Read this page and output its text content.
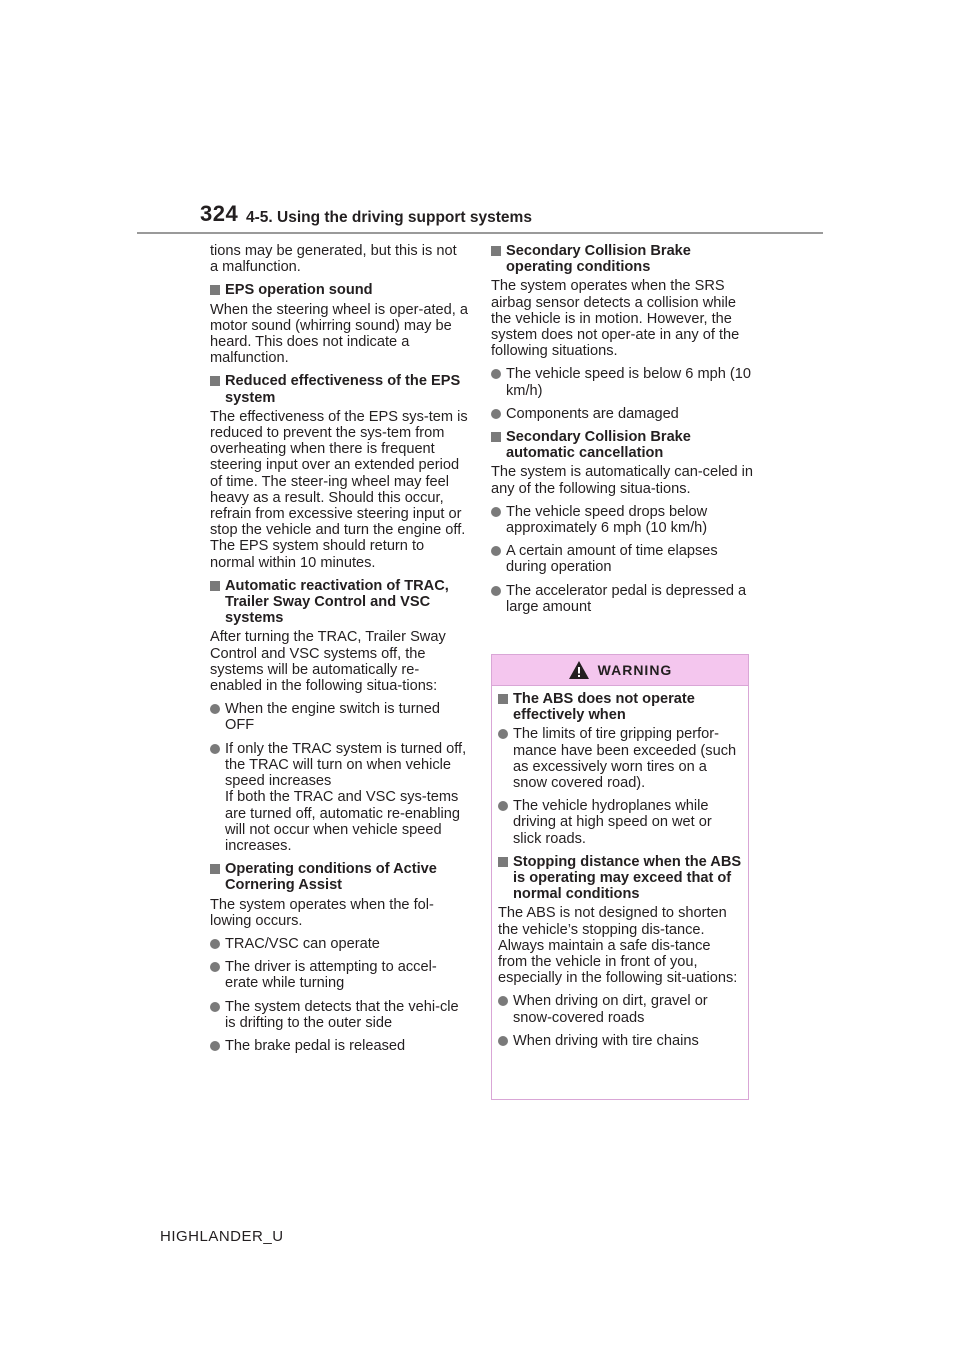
324 4-5. Using the driving support systems

tions may be generated, but this is not a malfunction.

EPS operation sound

When the steering wheel is oper-ated, a motor sound (whirring sound) may be heard. This does not indicate a malfunction.

Reduced effectiveness of the EPS system

The effectiveness of the EPS sys-tem is reduced to prevent the sys-tem from overheating when there is frequent steering input over an extended period of time. The steer-ing wheel may feel heavy as a result. Should this occur, refrain from excessive steering input or stop the vehicle and turn the engine off. The EPS system should return to normal within 10 minutes.

Automatic reactivation of TRAC, Trailer Sway Control and VSC systems

After turning the TRAC, Trailer Sway Control and VSC systems off, the systems will be automatically re-enabled in the following situa-tions:

When the engine switch is turned OFF
If only the TRAC system is turned off, the TRAC will turn on when vehicle speed increases
If both the TRAC and VSC sys-tems are turned off, automatic re-enabling will not occur when vehicle speed increases.
Operating conditions of Active Cornering Assist

The system operates when the fol-lowing occurs.

TRAC/VSC can operate
The driver is attempting to accel-erate while turning
The system detects that the vehi-cle is drifting to the outer side
The brake pedal is released
Secondary Collision Brake operating conditions

The system operates when the SRS airbag sensor detects a collision while the vehicle is in motion. However, the system does not oper-ate in any of the following situations.

The vehicle speed is below 6 mph (10 km/h)
Components are damaged
Secondary Collision Brake automatic cancellation

The system is automatically can-celed in any of the following situa-tions.

The vehicle speed drops below approximately 6 mph (10 km/h)
A certain amount of time elapses during operation
The accelerator pedal is depressed a large amount
WARNING
The ABS does not operate effectively when
The limits of tire gripping perfor-mance have been exceeded (such as excessively worn tires on a snow covered road).
The vehicle hydroplanes while driving at high speed on wet or slick roads.
Stopping distance when the ABS is operating may exceed that of normal conditions

The ABS is not designed to shorten the vehicle’s stopping dis-tance. Always maintain a safe dis-tance from the vehicle in front of you, especially in the following sit-uations:

When driving on dirt, gravel or snow-covered roads
When driving with tire chains
HIGHLANDER_U
